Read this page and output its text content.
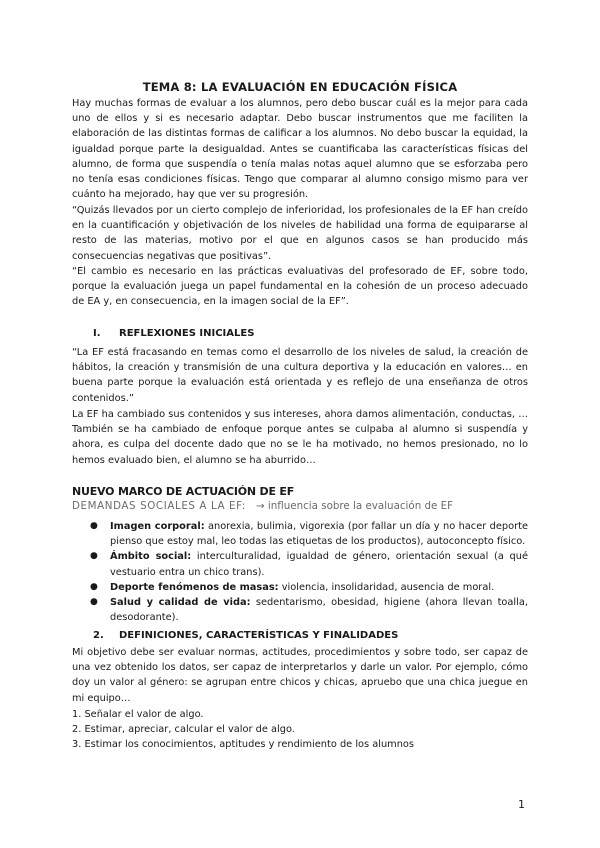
TEMA 8: LA EVALUACIÓN EN EDUCACIÓN FÍSICA

Hay muchas formas de evaluar a los alumnos, pero debo buscar cuál es la mejor para cada uno de ellos y si es necesario adaptar. Debo buscar instrumentos que me faciliten la elaboración de las distintas formas de calificar a los alumnos. No debo buscar la equidad, la igualdad porque parte la desigualdad. Antes se cuantificaba las características físicas del alumno, de forma que suspendía o tenía malas notas aquel alumno que se esforzaba pero no tenía esas condiciones físicas. Tengo que comparar al alumno consigo mismo para ver cuánto ha mejorado, hay que ver su progresión.

“Quizás llevados por un cierto complejo de inferioridad, los profesionales de la EF han creído en la cuantificación y objetivación de los niveles de habilidad una forma de equipararse al resto de las materias, motivo por el que en algunos casos se han producido más consecuencias negativas que positivas”.

“El cambio es necesario en las prácticas evaluativas del profesorado de EF, sobre todo, porque la evaluación juega un papel fundamental en la cohesión de un proceso adecuado de EA y, en consecuencia, en la imagen social de la EF”.

I. REFLEXIONES INICIALES

“La EF está fracasando en temas como el desarrollo de los niveles de salud, la creación de hábitos, la creación y transmisión de una cultura deportiva y la educación en valores… en buena parte porque la evaluación está orientada y es reflejo de una enseñanza de otros contenidos.”

La EF ha cambiado sus contenidos y sus intereses, ahora damos alimentación, conductas, … También se ha cambiado de enfoque porque antes se culpaba al alumno si suspendía y ahora, es culpa del docente dado que no se le ha motivado, no hemos presionado, no lo hemos evaluado bien, el alumno se ha aburrido…

NUEVO MARCO DE ACTUACIÓN DE EF
DEMANDAS SOCIALES A LA EF: → influencia sobre la evaluación de EF
● Imagen corporal: anorexia, bulimia, vigorexia (por fallar un día y no hacer deporte pienso que estoy mal, leo todas las etiquetas de los productos), autoconcepto físico.
● Ámbito social: interculturalidad, igualdad de género, orientación sexual (a qué vestuario entra un chico trans).
● Deporte fenómenos de masas: violencia, insolidaridad, ausencia de moral.
● Salud y calidad de vida: sedentarismo, obesidad, higiene (ahora llevan toalla, desodorante).
2. DEFINICIONES, CARACTERÍSTICAS Y FINALIDADES

Mi objetivo debe ser evaluar normas, actitudes, procedimientos y sobre todo, ser capaz de una vez obtenido los datos, ser capaz de interpretarlos y darle un valor. Por ejemplo, cómo doy un valor al género: se agrupan entre chicos y chicas, apruebo que una chica juegue en mi equipo…

1. Señalar el valor de algo.
2. Estimar, apreciar, calcular el valor de algo.
3. Estimar los conocimientos, aptitudes y rendimiento de los alumnos
1
